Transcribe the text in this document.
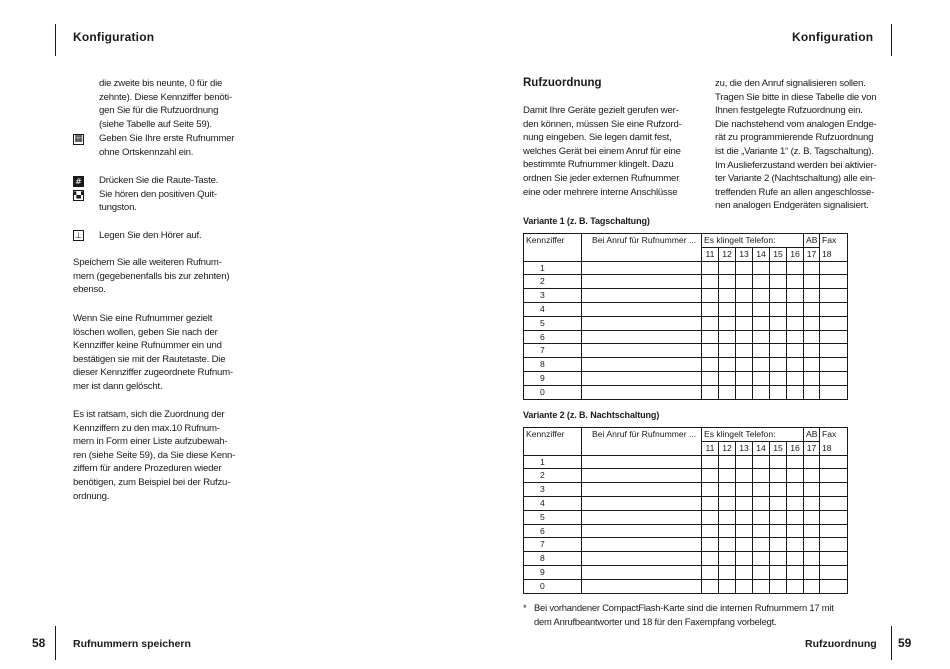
Konfiguration

die zweite bis neunte, 0 für die

zehnte). Diese Kennziffer benöti-

gen Sie für die Rufzuordnung

(siehe Tabelle auf Seite 59).

▦ Geben Sie Ihre erste Rufnummer

ohne Ortskennzahl ein.

#
▚▞

Drücken Sie die Raute-Taste.

Sie hören den positiven Quit-

tungston.

⊥ Legen Sie den Hörer auf.

Speichern Sie alle weiteren Rufnum-

mern (gegebenenfalls bis zur zehnten)

ebenso.

Wenn Sie eine Rufnummer gezielt

löschen wollen, geben Sie nach der

Kennziffer keine Rufnummer ein und

bestätigen sie mit der Rautetaste. Die

dieser Kennziffer zugeordnete Rufnum-

mer ist dann gelöscht.

Es ist ratsam, sich die Zuordnung der

Kennziffern zu den max.10 Rufnum-

mern in Form einer Liste aufzubewah-

ren (siehe Seite 59), da Sie diese Kenn-

ziffern für andere Prozeduren wieder

benötigen, zum Beispiel bei der Rufzu-

ordnung.

58	Rufnummern speichern
Konfiguration
Rufzuordnung

Damit Ihre Geräte gezielt gerufen wer-

den können, müssen Sie eine Rufzord-

nung eingeben. Sie legen damit fest,

welches Gerät bei einem Anruf für eine

bestimmte Rufnummer klingelt. Dazu

ordnen Sie jeder externen Rufnummer

eine oder mehrere interne Anschlüsse

zu, die den Anruf signalisieren sollen.

Tragen Sie bitte in diese Tabelle die von

Ihnen festgelegte Rufzuordnung ein.

Die nachstehend vom analogen Endge-

rät zu programmierende Rufzuordnung

ist die „Variante 1“ (z. B. Tagschaltung).

Im Auslieferzustand werden bei aktivier-

ter Variante 2 (Nachtschaltung) alle ein-

treffenden Rufe an allen angeschlosse-

nen analogen Endgeräten signalisiert.

Variante 1 (z. B. Tagschaltung)
Kennziffer	Bei Anruf für Rufnummer ...	Es klingelt Telefon:						AB	Fax
		11	12	13	14	15	16	17	18
1									
2									
3									
4									
5									
6									
7									
8									
9									
0									
Variante 2 (z. B. Nachtschaltung)
Kennziffer	Bei Anruf für Rufnummer ...	Es klingelt Telefon:						AB	Fax
		11	12	13	14	15	16	17	18
1									
2									
3									
4									
5									
6									
7									
8									
9									
0									
* Bei vorhandener CompactFlash-Karte sind die internen Rufnummern 17 mit
dem Anrufbeantworter und 18 für den Faxempfang vorbelegt.
Rufzuordnung 59
